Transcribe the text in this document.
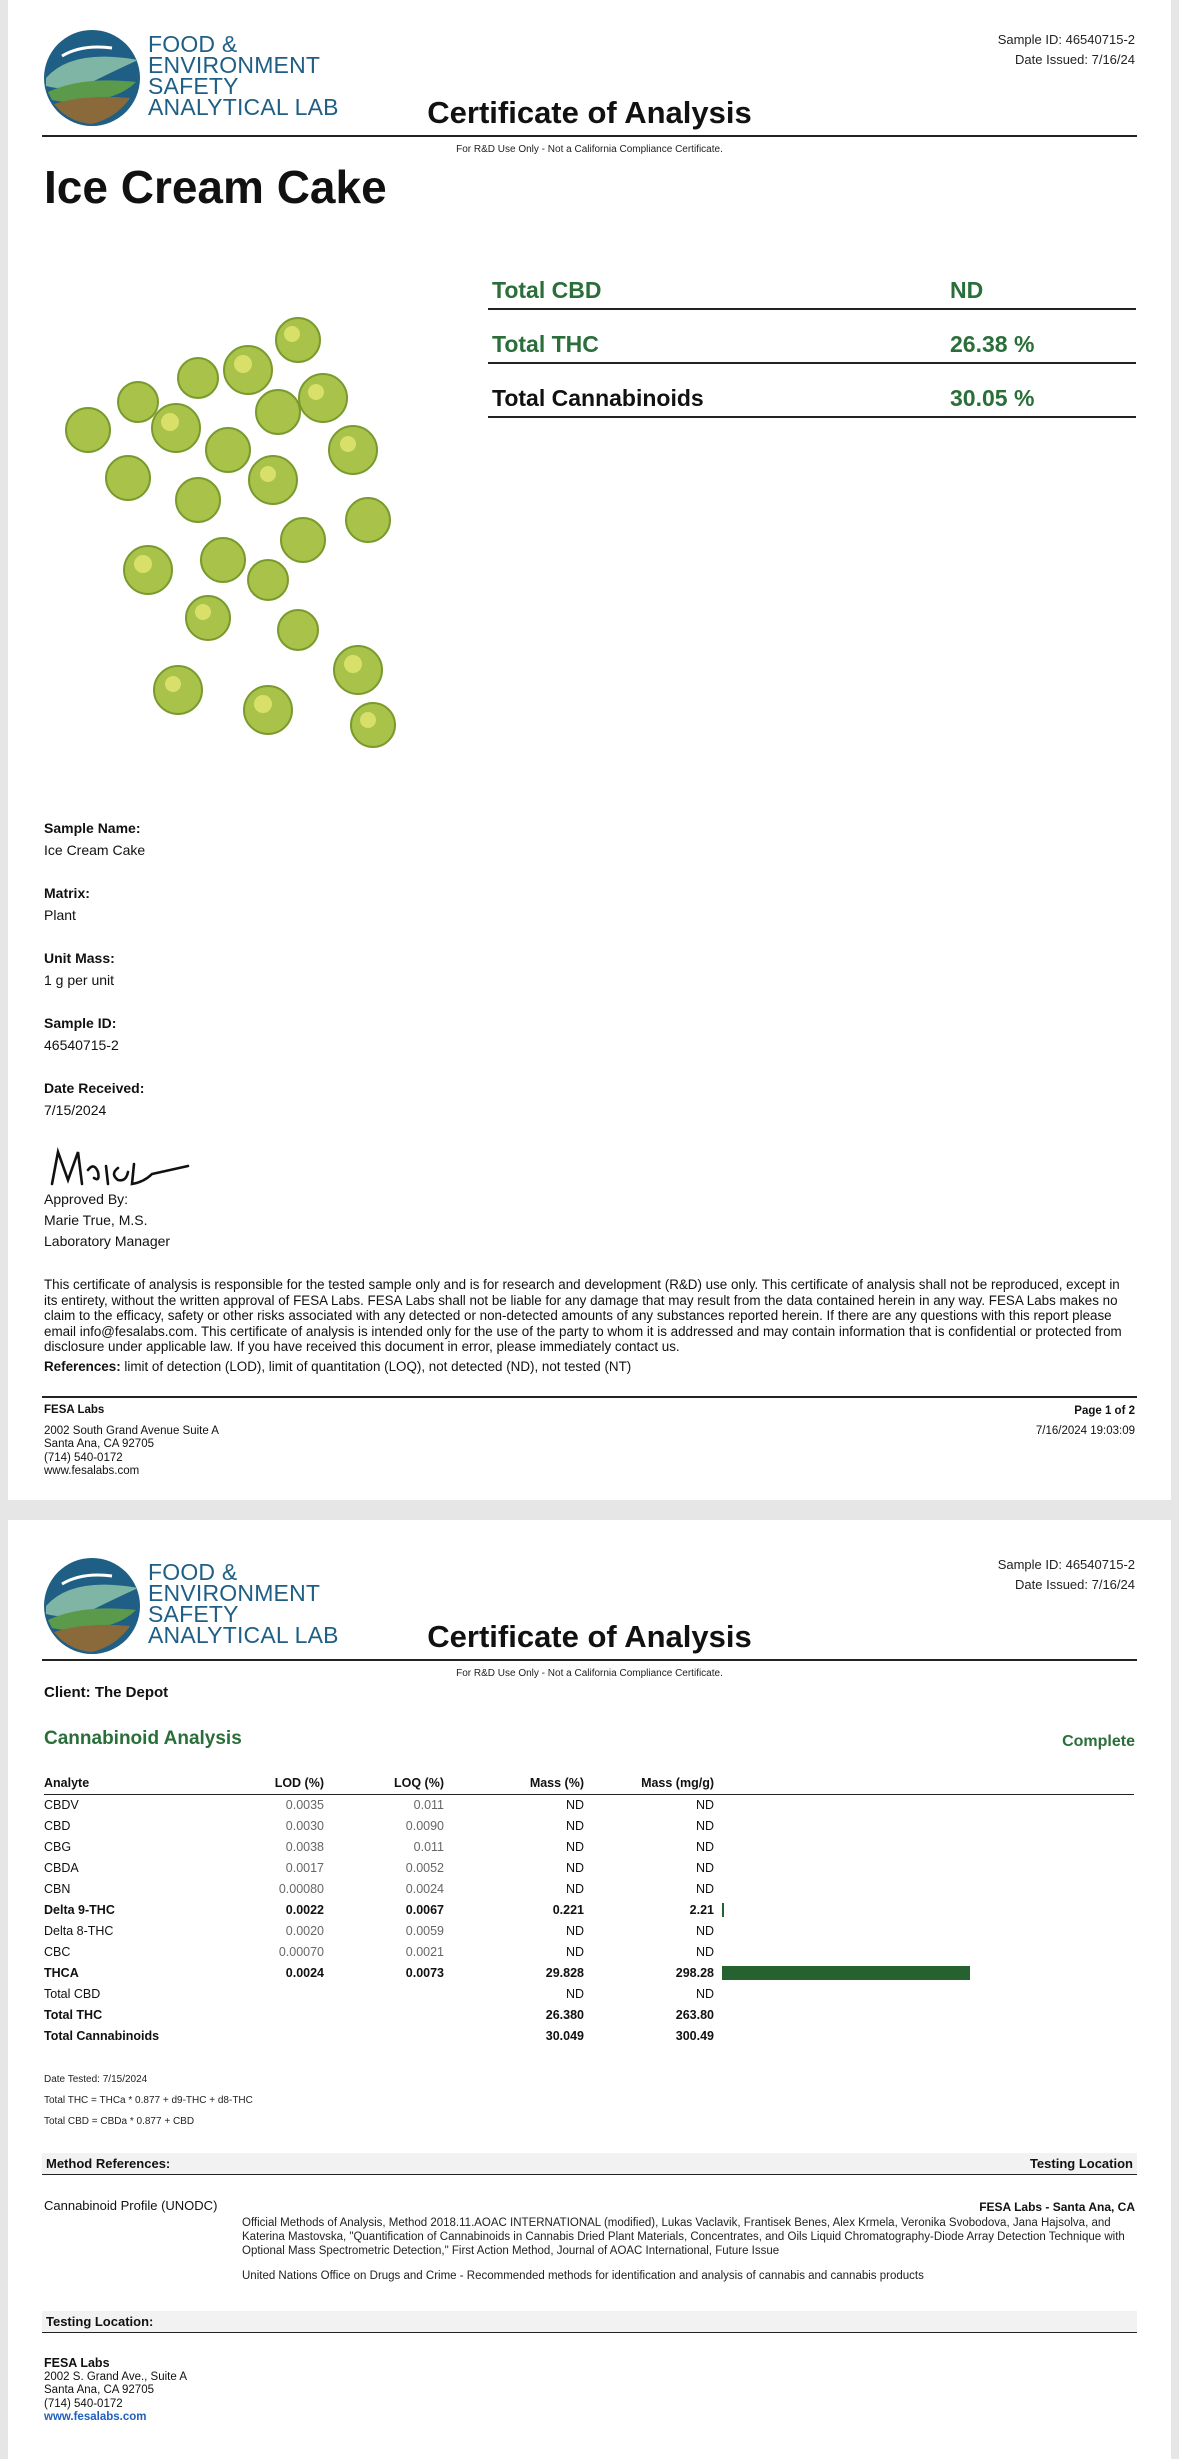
FOOD &
ENVIRONMENT
SAFETY
ANALYTICAL LAB
Sample ID: 46540715-2
Date Issued: 7/16/24
Certificate of Analysis
For R&D Use Only - Not a California Compliance Certificate.
Ice Cream Cake
Total CBD	ND
Total THC	26.38 %
Total Cannabinoids	30.05 %
Sample Name:
Ice Cream Cake
Matrix:
Plant
Unit Mass:
1 g per unit
Sample ID:
46540715-2
Date Received:
7/15/2024
Approved By:
Marie True, M.S.
Laboratory Manager
This certificate of analysis is responsible for the tested sample only and is for research and development (R&D) use only. This certificate of analysis shall not be reproduced, except in its entirety, without the written approval of FESA Labs. FESA Labs shall not be liable for any damage that may result from the data contained herein in any way. FESA Labs makes no claim to the efficacy, safety or other risks associated with any detected or non-detected amounts of any substances reported herein. If there are any questions with this report please email info@fesalabs.com. This certificate of analysis is intended only for the use of the party to whom it is addressed and may contain information that is confidential or protected from disclosure under applicable law. If you have received this document in error, please immediately contact us.
References: limit of detection (LOD), limit of quantitation (LOQ), not detected (ND), not tested (NT)
FESA Labs
2002 South Grand Avenue Suite A
Santa Ana, CA 92705
(714) 540-0172
www.fesalabs.com
Page 1 of 2
7/16/2024 19:03:09
FOOD &
ENVIRONMENT
SAFETY
ANALYTICAL LAB
Sample ID: 46540715-2
Date Issued: 7/16/24
Certificate of Analysis
Client: The Depot
For R&D Use Only - Not a California Compliance Certificate.
Cannabinoid Analysis	Complete
Analyte	LOD (%)	LOQ (%)	Mass (%)	Mass (mg/g)	
CBDV	0.0035	0.011	ND	ND	
CBD	0.0030	0.0090	ND	ND	
CBG	0.0038	0.011	ND	ND	
CBDA	0.0017	0.0052	ND	ND	
CBN	0.00080	0.0024	ND	ND	
Delta 9-THC	0.0022	0.0067	0.221	2.21	

Delta 8-THC	0.0020	0.0059	ND	ND	
CBC	0.00070	0.0021	ND	ND	
THCA	0.0024	0.0073	29.828	298.28	

Total CBD			ND	ND	
Total THC			26.380	263.80	
Total Cannabinoids			30.049	300.49	
Date Tested: 7/15/2024
Total THC = THCa * 0.877 + d9-THC + d8-THC
Total CBD = CBDa * 0.877 + CBD
Method References:	Testing Location
Cannabinoid Profile (UNODC)	FESA Labs - Santa Ana, CA
Official Methods of Analysis, Method 2018.11.AOAC INTERNATIONAL (modified), Lukas Vaclavik, Frantisek Benes, Alex Krmela, Veronika Svobodova, Jana Hajsolva, and Katerina Mastovska, "Quantification of Cannabinoids in Cannabis Dried Plant Materials, Concentrates, and Oils Liquid Chromatography-Diode Array Detection Technique with Optional Mass Spectrometric Detection," First Action Method, Journal of AOAC International, Future Issue
United Nations Office on Drugs and Crime - Recommended methods for identification and analysis of cannabis and cannabis products
Testing Location:
FESA Labs
2002 S. Grand Ave., Suite A
Santa Ana, CA 92705
(714) 540-0172
www.fesalabs.com
